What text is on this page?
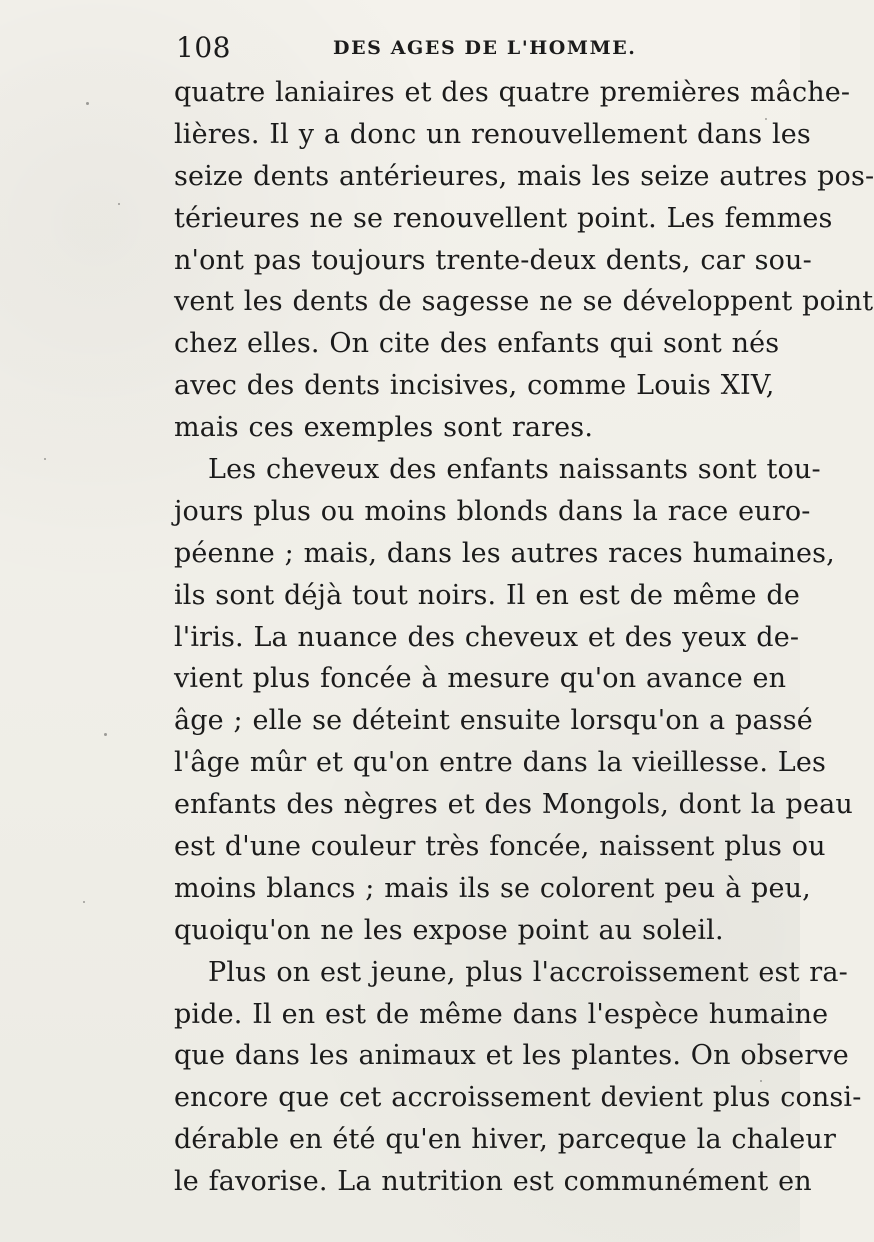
108	DES AGES DE L'HOMME.
quatre laniaires et des quatre premières mâche-
lières. Il y a donc un renouvellement dans les
seize dents antérieures, mais les seize autres pos-
térieures ne se renouvellent point. Les femmes
n'ont pas toujours trente-deux dents, car sou-
vent les dents de sagesse ne se développent point
chez elles. On cite des enfants qui sont nés
avec des dents incisives, comme Louis XIV,
mais ces exemples sont rares.
Les cheveux des enfants naissants sont tou-
jours plus ou moins blonds dans la race euro-
péenne ; mais, dans les autres races humaines,
ils sont déjà tout noirs. Il en est de même de
l'iris. La nuance des cheveux et des yeux de-
vient plus foncée à mesure qu'on avance en
âge ; elle se déteint ensuite lorsqu'on a passé
l'âge mûr et qu'on entre dans la vieillesse. Les
enfants des nègres et des Mongols, dont la peau
est d'une couleur très foncée, naissent plus ou
moins blancs ; mais ils se colorent peu à peu,
quoiqu'on ne les expose point au soleil.
Plus on est jeune, plus l'accroissement est ra-
pide. Il en est de même dans l'espèce humaine
que dans les animaux et les plantes. On observe
encore que cet accroissement devient plus consi-
dérable en été qu'en hiver, parceque la chaleur
le favorise. La nutrition est communément en
